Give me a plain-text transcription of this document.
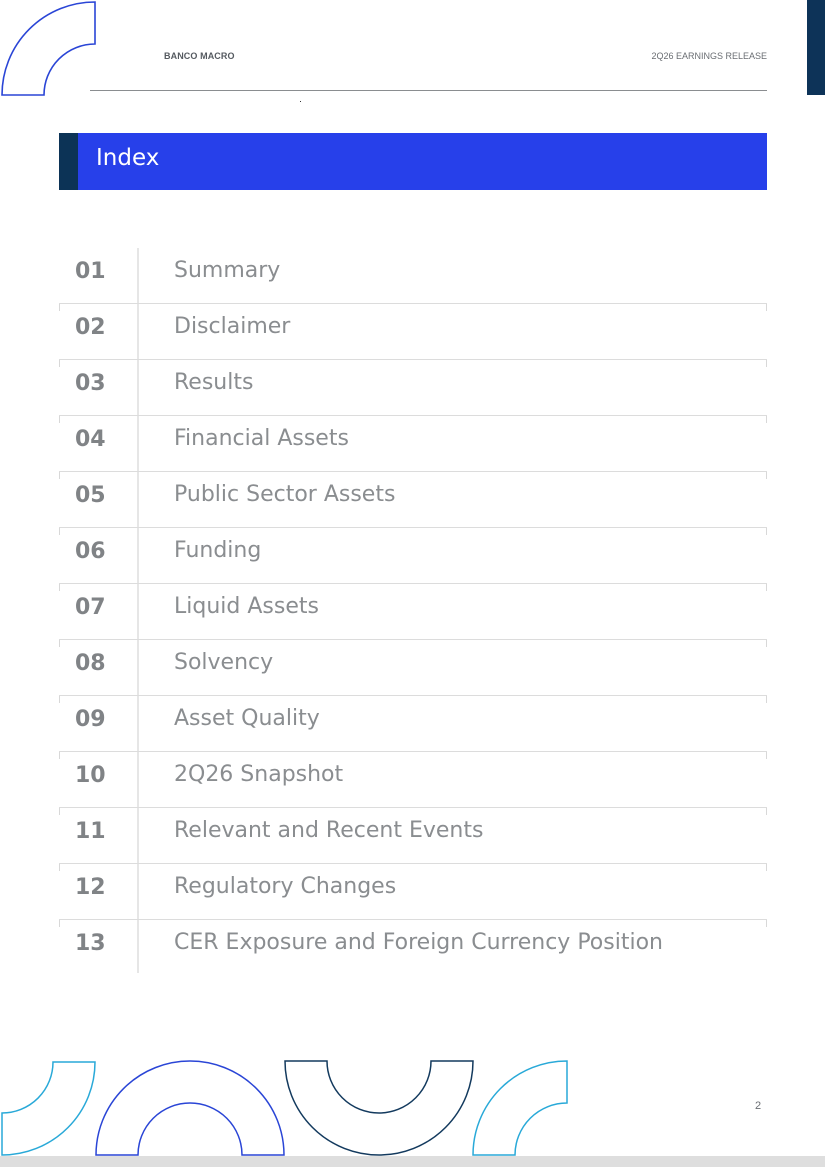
BANCO MACRO	2Q26 EARNINGS RELEASE
Index
01	Summary
02	Disclaimer
03	Results
04	Financial Assets
05	Public Sector Assets
06	Funding
07	Liquid Assets
08	Solvency
09	Asset Quality
10	2Q26 Snapshot
11	Relevant and Recent Events
12	Regulatory Changes
13	CER Exposure and Foreign Currency Position
2
